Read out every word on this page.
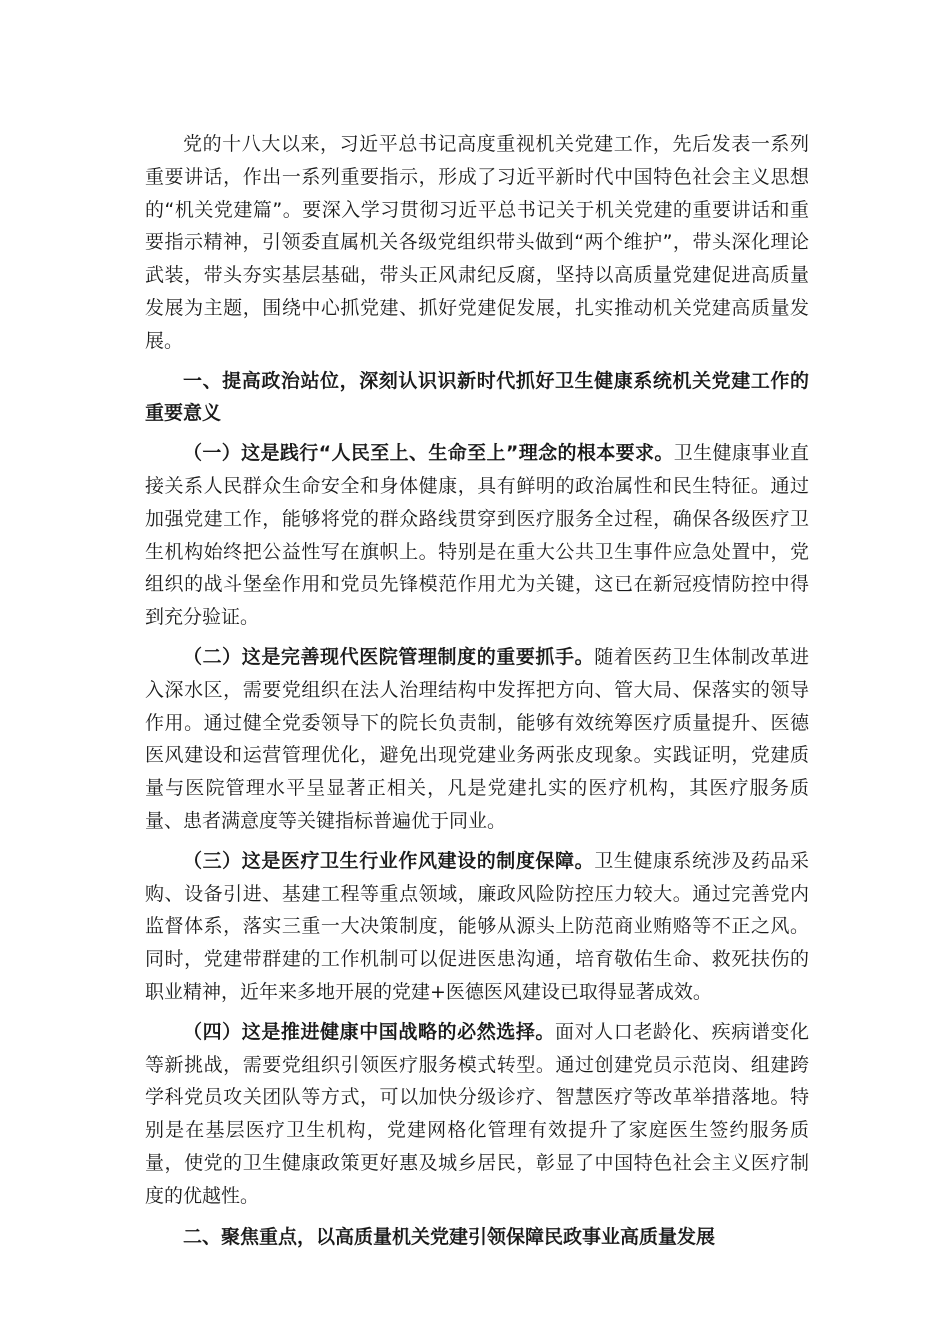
党的十八大以来，习近平总书记高度重视机关党建工作，先后发表一系列重要讲话，作出一系列重要指示，形成了习近平新时代中国特色社会主义思想的“机关党建篇”。要深入学习贯彻习近平总书记关于机关党建的重要讲话和重要指示精神，引领委直属机关各级党组织带头做到“两个维护”，带头深化理论武装，带头夯实基层基础，带头正风肃纪反腐，坚持以高质量党建促进高质量发展为主题，围绕中心抓党建、抓好党建促发展，扎实推动机关党建高质量发展。

一、提高政治站位，深刻认识识新时代抓好卫生健康系统机关党建工作的重要意义

（一）这是践行“人民至上、生命至上”理念的根本要求。卫生健康事业直接关系人民群众生命安全和身体健康，具有鲜明的政治属性和民生特征。通过加强党建工作，能够将党的群众路线贯穿到医疗服务全过程，确保各级医疗卫生机构始终把公益性写在旗帜上。特别是在重大公共卫生事件应急处置中，党组织的战斗堡垒作用和党员先锋模范作用尤为关键，这已在新冠疫情防控中得到充分验证。

（二）这是完善现代医院管理制度的重要抓手。随着医药卫生体制改革进入深水区，需要党组织在法人治理结构中发挥把方向、管大局、保落实的领导作用。通过健全党委领导下的院长负责制，能够有效统筹医疗质量提升、医德医风建设和运营管理优化，避免出现党建业务两张皮现象。实践证明，党建质量与医院管理水平呈显著正相关，凡是党建扎实的医疗机构，其医疗服务质量、患者满意度等关键指标普遍优于同业。

（三）这是医疗卫生行业作风建设的制度保障。卫生健康系统涉及药品采购、设备引进、基建工程等重点领域，廉政风险防控压力较大。通过完善党内监督体系，落实三重一大决策制度，能够从源头上防范商业贿赂等不正之风。同时，党建带群建的工作机制可以促进医患沟通，培育敬佑生命、救死扶伤的职业精神，近年来多地开展的党建+医德医风建设已取得显著成效。

（四）这是推进健康中国战略的必然选择。面对人口老龄化、疾病谱变化等新挑战，需要党组织引领医疗服务模式转型。通过创建党员示范岗、组建跨学科党员攻关团队等方式，可以加快分级诊疗、智慧医疗等改革举措落地。特别是在基层医疗卫生机构，党建网格化管理有效提升了家庭医生签约服务质量，使党的卫生健康政策更好惠及城乡居民，彰显了中国特色社会主义医疗制度的优越性。

二、聚焦重点，以高质量机关党建引领保障民政事业高质量发展
